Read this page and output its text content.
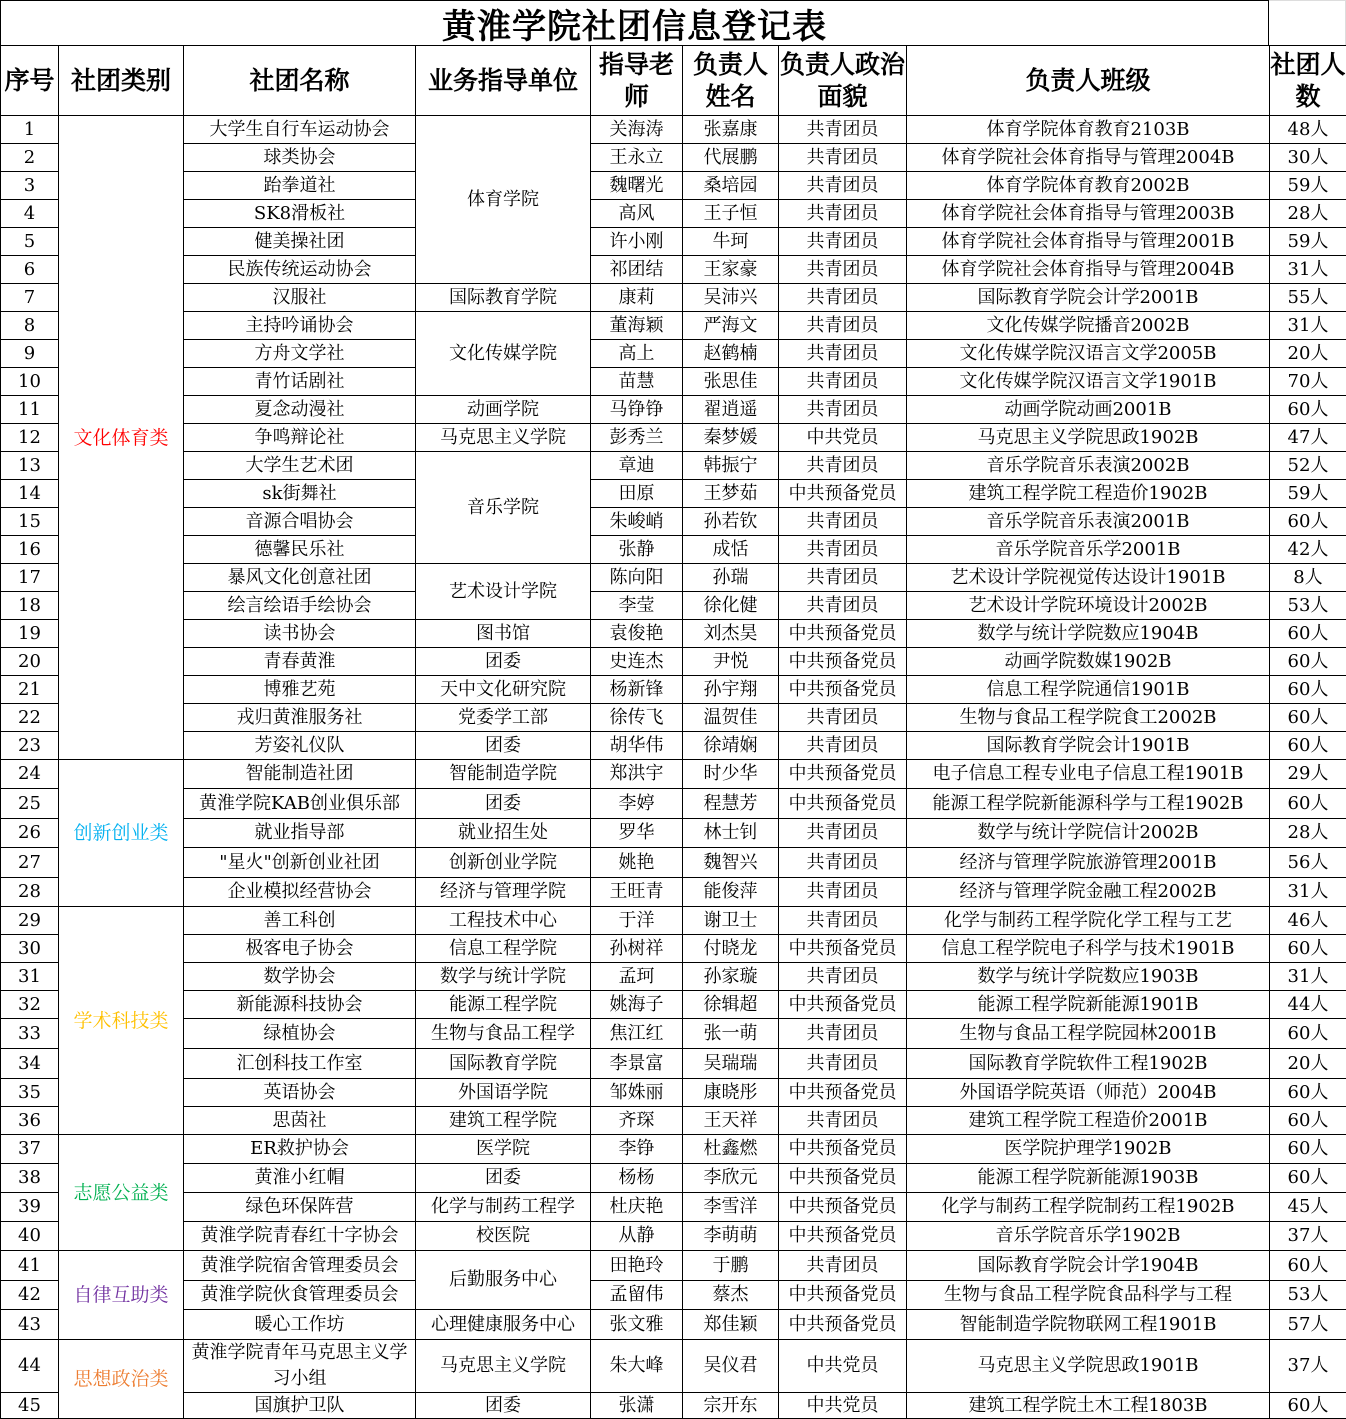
黄淮学院社团信息登记表
序号	社团类别	社团名称	业务指导单位	指导老师	负责人姓名	负责人政治面貌	负责人班级	社团人数
1	文化体育类	大学生自行车运动协会	体育学院	关海涛	张嘉康	共青团员	体育学院体育教育2103B	48人
2		球类协会		王永立	代展鹏	共青团员	体育学院社会体育指导与管理2004B	30人
3		跆拳道社		魏曙光	桑培园	共青团员	体育学院体育教育2002B	59人
4		SK8滑板社		高风	王子恒	共青团员	体育学院社会体育指导与管理2003B	28人
5		健美操社团		许小刚	牛珂	共青团员	体育学院社会体育指导与管理2001B	59人
6		民族传统运动协会		祁团结	王家豪	共青团员	体育学院社会体育指导与管理2004B	31人
7		汉服社	国际教育学院	康莉	吴沛兴	共青团员	国际教育学院会计学2001B	55人
8		主持吟诵协会	文化传媒学院	董海颖	严海文	共青团员	文化传媒学院播音2002B	31人
9		方舟文学社		高上	赵鹤楠	共青团员	文化传媒学院汉语言文学2005B	20人
10		青竹话剧社		苗慧	张思佳	共青团员	文化传媒学院汉语言文学1901B	70人
11		夏念动漫社	动画学院	马铮铮	翟逍遥	共青团员	动画学院动画2001B	60人
12		争鸣辩论社	马克思主义学院	彭秀兰	秦梦媛	中共党员	马克思主义学院思政1902B	47人
13		大学生艺术团	音乐学院	章迪	韩振宁	共青团员	音乐学院音乐表演2002B	52人
14		sk街舞社		田原	王梦茹	中共预备党员	建筑工程学院工程造价1902B	59人
15		音源合唱协会		朱峻峭	孙若钦	共青团员	音乐学院音乐表演2001B	60人
16		德馨民乐社		张静	成恬	共青团员	音乐学院音乐学2001B	42人
17		暴风文化创意社团	艺术设计学院	陈向阳	孙瑞	共青团员	艺术设计学院视觉传达设计1901B	8人
18		绘言绘语手绘协会		李莹	徐化健	共青团员	艺术设计学院环境设计2002B	53人
19		读书协会	图书馆	袁俊艳	刘杰昊	中共预备党员	数学与统计学院数应1904B	60人
20		青春黄淮	团委	史连杰	尹悦	中共预备党员	动画学院数媒1902B	60人
21		博雅艺苑	天中文化研究院	杨新锋	孙宇翔	中共预备党员	信息工程学院通信1901B	60人
22		戎归黄淮服务社	党委学工部	徐传飞	温贺佳	共青团员	生物与食品工程学院食工2002B	60人
23		芳姿礼仪队	团委	胡华伟	徐靖娴	共青团员	国际教育学院会计1901B	60人
24	创新创业类	智能制造社团	智能制造学院	郑洪宇	时少华	中共预备党员	电子信息工程专业电子信息工程1901B	29人
25		黄淮学院KAB创业俱乐部	团委	李婷	程慧芳	中共预备党员	能源工程学院新能源科学与工程1902B	60人
26		就业指导部	就业招生处	罗华	林士钊	共青团员	数学与统计学院信计2002B	28人
27		"星火"创新创业社团	创新创业学院	姚艳	魏智兴	共青团员	经济与管理学院旅游管理2001B	56人
28		企业模拟经营协会	经济与管理学院	王旺青	能俊萍	共青团员	经济与管理学院金融工程2002B	31人
29	学术科技类	善工科创	工程技术中心	于洋	谢卫士	共青团员	化学与制药工程学院化学工程与工艺	46人
30		极客电子协会	信息工程学院	孙树祥	付晓龙	中共预备党员	信息工程学院电子科学与技术1901B	60人
31		数学协会	数学与统计学院	孟珂	孙家璇	共青团员	数学与统计学院数应1903B	31人
32		新能源科技协会	能源工程学院	姚海子	徐辑超	中共预备党员	能源工程学院新能源1901B	44人
33		绿植协会	生物与食品工程学	焦江红	张一萌	共青团员	生物与食品工程学院园林2001B	60人
34		汇创科技工作室	国际教育学院	李景富	吴瑞瑞	共青团员	国际教育学院软件工程1902B	20人
35		英语协会	外国语学院	邹姝丽	康晓彤	中共预备党员	外国语学院英语（师范）2004B	60人
36		思茵社	建筑工程学院	齐琛	王天祥	共青团员	建筑工程学院工程造价2001B	60人
37	志愿公益类	ER救护协会	医学院	李铮	杜鑫燃	中共预备党员	医学院护理学1902B	60人
38		黄淮小红帽	团委	杨杨	李欣元	中共预备党员	能源工程学院新能源1903B	60人
39		绿色环保阵营	化学与制药工程学	杜庆艳	李雪洋	中共预备党员	化学与制药工程学院制药工程1902B	45人
40		黄淮学院青春红十字协会	校医院	从静	李萌萌	中共预备党员	音乐学院音乐学1902B	37人
41	自律互助类	黄淮学院宿舍管理委员会	后勤服务中心	田艳玲	于鹏	共青团员	国际教育学院会计学1904B	60人
42		黄淮学院伙食管理委员会		孟留伟	蔡杰	中共预备党员	生物与食品工程学院食品科学与工程	53人
43		暖心工作坊	心理健康服务中心	张文雅	郑佳颖	中共预备党员	智能制造学院物联网工程1901B	57人
44	思想政治类	黄淮学院青年马克思主义学习小组	马克思主义学院	朱大峰	吴仪君	中共党员	马克思主义学院思政1901B	37人
45		国旗护卫队	团委	张潇	宗开东	中共党员	建筑工程学院土木工程1803B	60人
